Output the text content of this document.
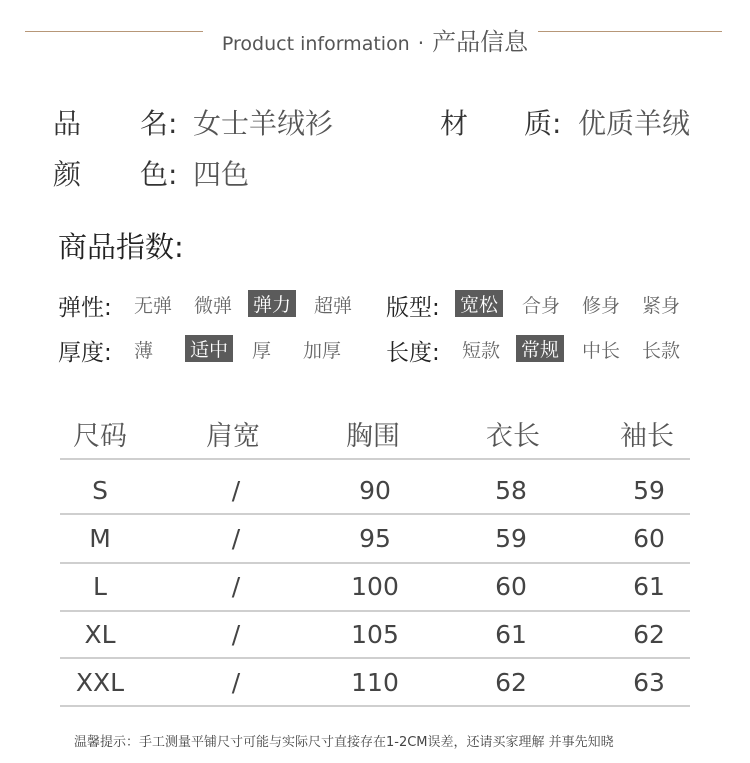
Product information · 产品信息
品 名: 女士羊绒衫	材 质: 优质羊绒
颜 色: 四色
商品指数:
弹性: 无弹 微弹 弹力 超弹 版型: 宽松 合身 修身 紧身
厚度: 薄 适中 厚 加厚 长度: 短款 常规 中长 长款
尺码	肩宽	胸围	衣长	袖长
S	/	90	58	59
M	/	95	59	60
L	/	100	60	61
XL	/	105	61	62
XXL	/	110	62	63
温馨提示：手工测量平铺尺寸可能与实际尺寸直接存在1-2CM误差，还请买家理解 并事先知晓
